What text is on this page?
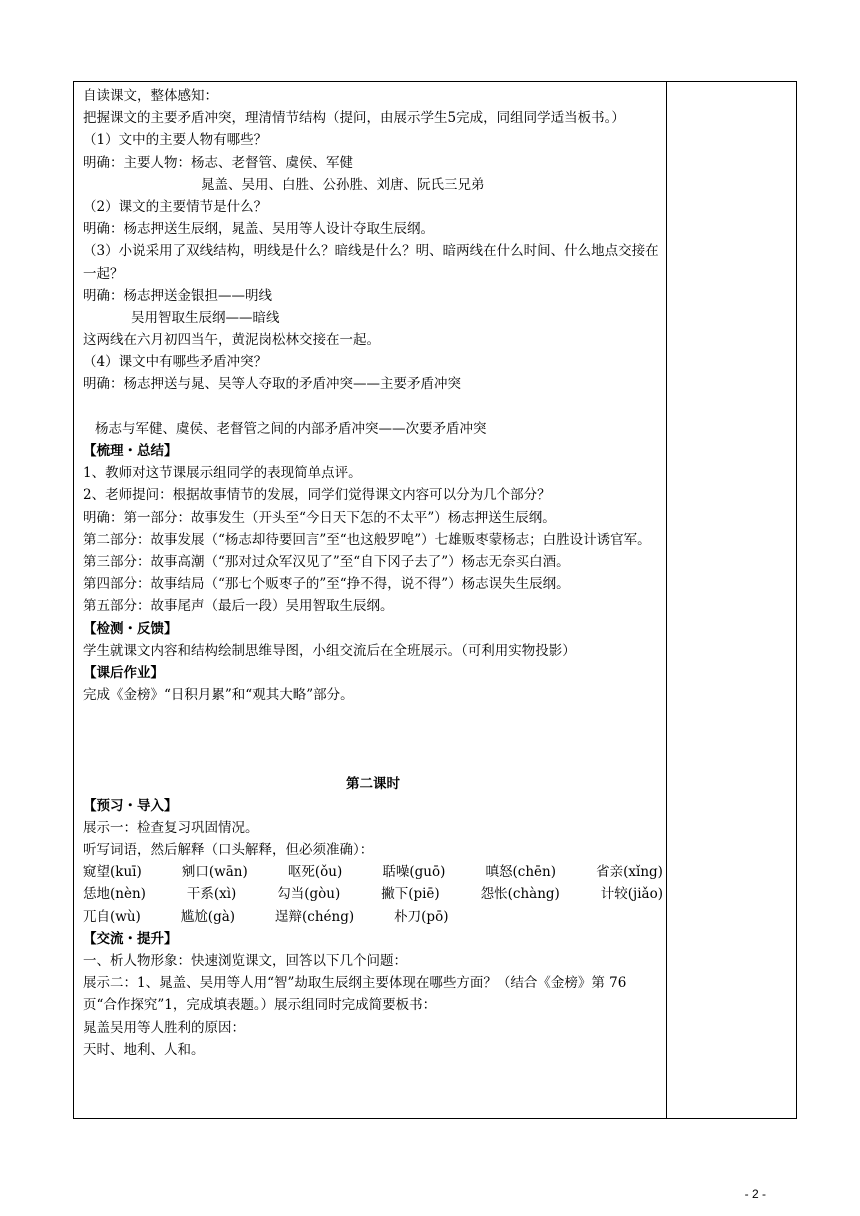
自读课文，整体感知：
把握课文的主要矛盾冲突，理清情节结构（提问，由展示学生5完成，同组同学适当板书。）
（1）文中的主要人物有哪些？
明确：主要人物：杨志、老督管、虞侯、军健
晁盖、吴用、白胜、公孙胜、刘唐、阮氏三兄弟
（2）课文的主要情节是什么？
明确：杨志押送生辰纲，晁盖、吴用等人设计夺取生辰纲。
（3）小说采用了双线结构，明线是什么？暗线是什么？明、暗两线在什么时间、什么地点交接在一起？
明确：杨志押送金银担——明线
吴用智取生辰纲——暗线
这两线在六月初四当午，黄泥岗松林交接在一起。
（4）课文中有哪些矛盾冲突？
明确：杨志押送与晁、吴等人夺取的矛盾冲突——主要矛盾冲突
杨志与军健、虞侯、老督管之间的内部矛盾冲突——次要矛盾冲突
【梳理・总结】
1、教师对这节课展示组同学的表现简单点评。
2、老师提问：根据故事情节的发展，同学们觉得课文内容可以分为几个部分？
明确：第一部分：故事发生（开头至“今日天下怎的不太平”）杨志押送生辰纲。
第二部分：故事发展（“杨志却待要回言”至“也这般罗唣”）七雄贩枣蒙杨志；白胜设计诱官军。
第三部分：故事高潮（“那对过众军汉见了”至“自下冈子去了”）杨志无奈买白酒。
第四部分：故事结局（“那七个贩枣子的”至“挣不得，说不得”）杨志误失生辰纲。
第五部分：故事尾声（最后一段）吴用智取生辰纲。
【检测・反馈】
学生就课文内容和结构绘制思维导图，小组交流后在全班展示。（可利用实物投影）
【课后作业】
完成《金榜》“日积月累”和“观其大略”部分。
第二课时
【预习・导入】
展示一：检查复习巩固情况。
听写词语，然后解释（口头解释，但必须准确）：
窥望(kuī)	剜口(wān)	呕死(ǒu)	聒噪(guō)	嗔怒(chēn)	省亲(xǐng)
恁地(nèn)	干系(xì)	勾当(gòu)	撇下(piē)	怨怅(chàng)	计较(jiǎo)
兀自(wù)	尴尬(gà)	逞辩(chéng)	朴刀(pō)
【交流・提升】
一、析人物形象：快速浏览课文，回答以下几个问题：
展示二：1、晁盖、吴用等人用“智”劫取生辰纲主要体现在哪些方面？（结合《金榜》第 76 页“合作探究”1，完成填表题。）展示组同时完成简要板书：
晁盖吴用等人胜利的原因：
天时、地利、人和。
- 2 -
